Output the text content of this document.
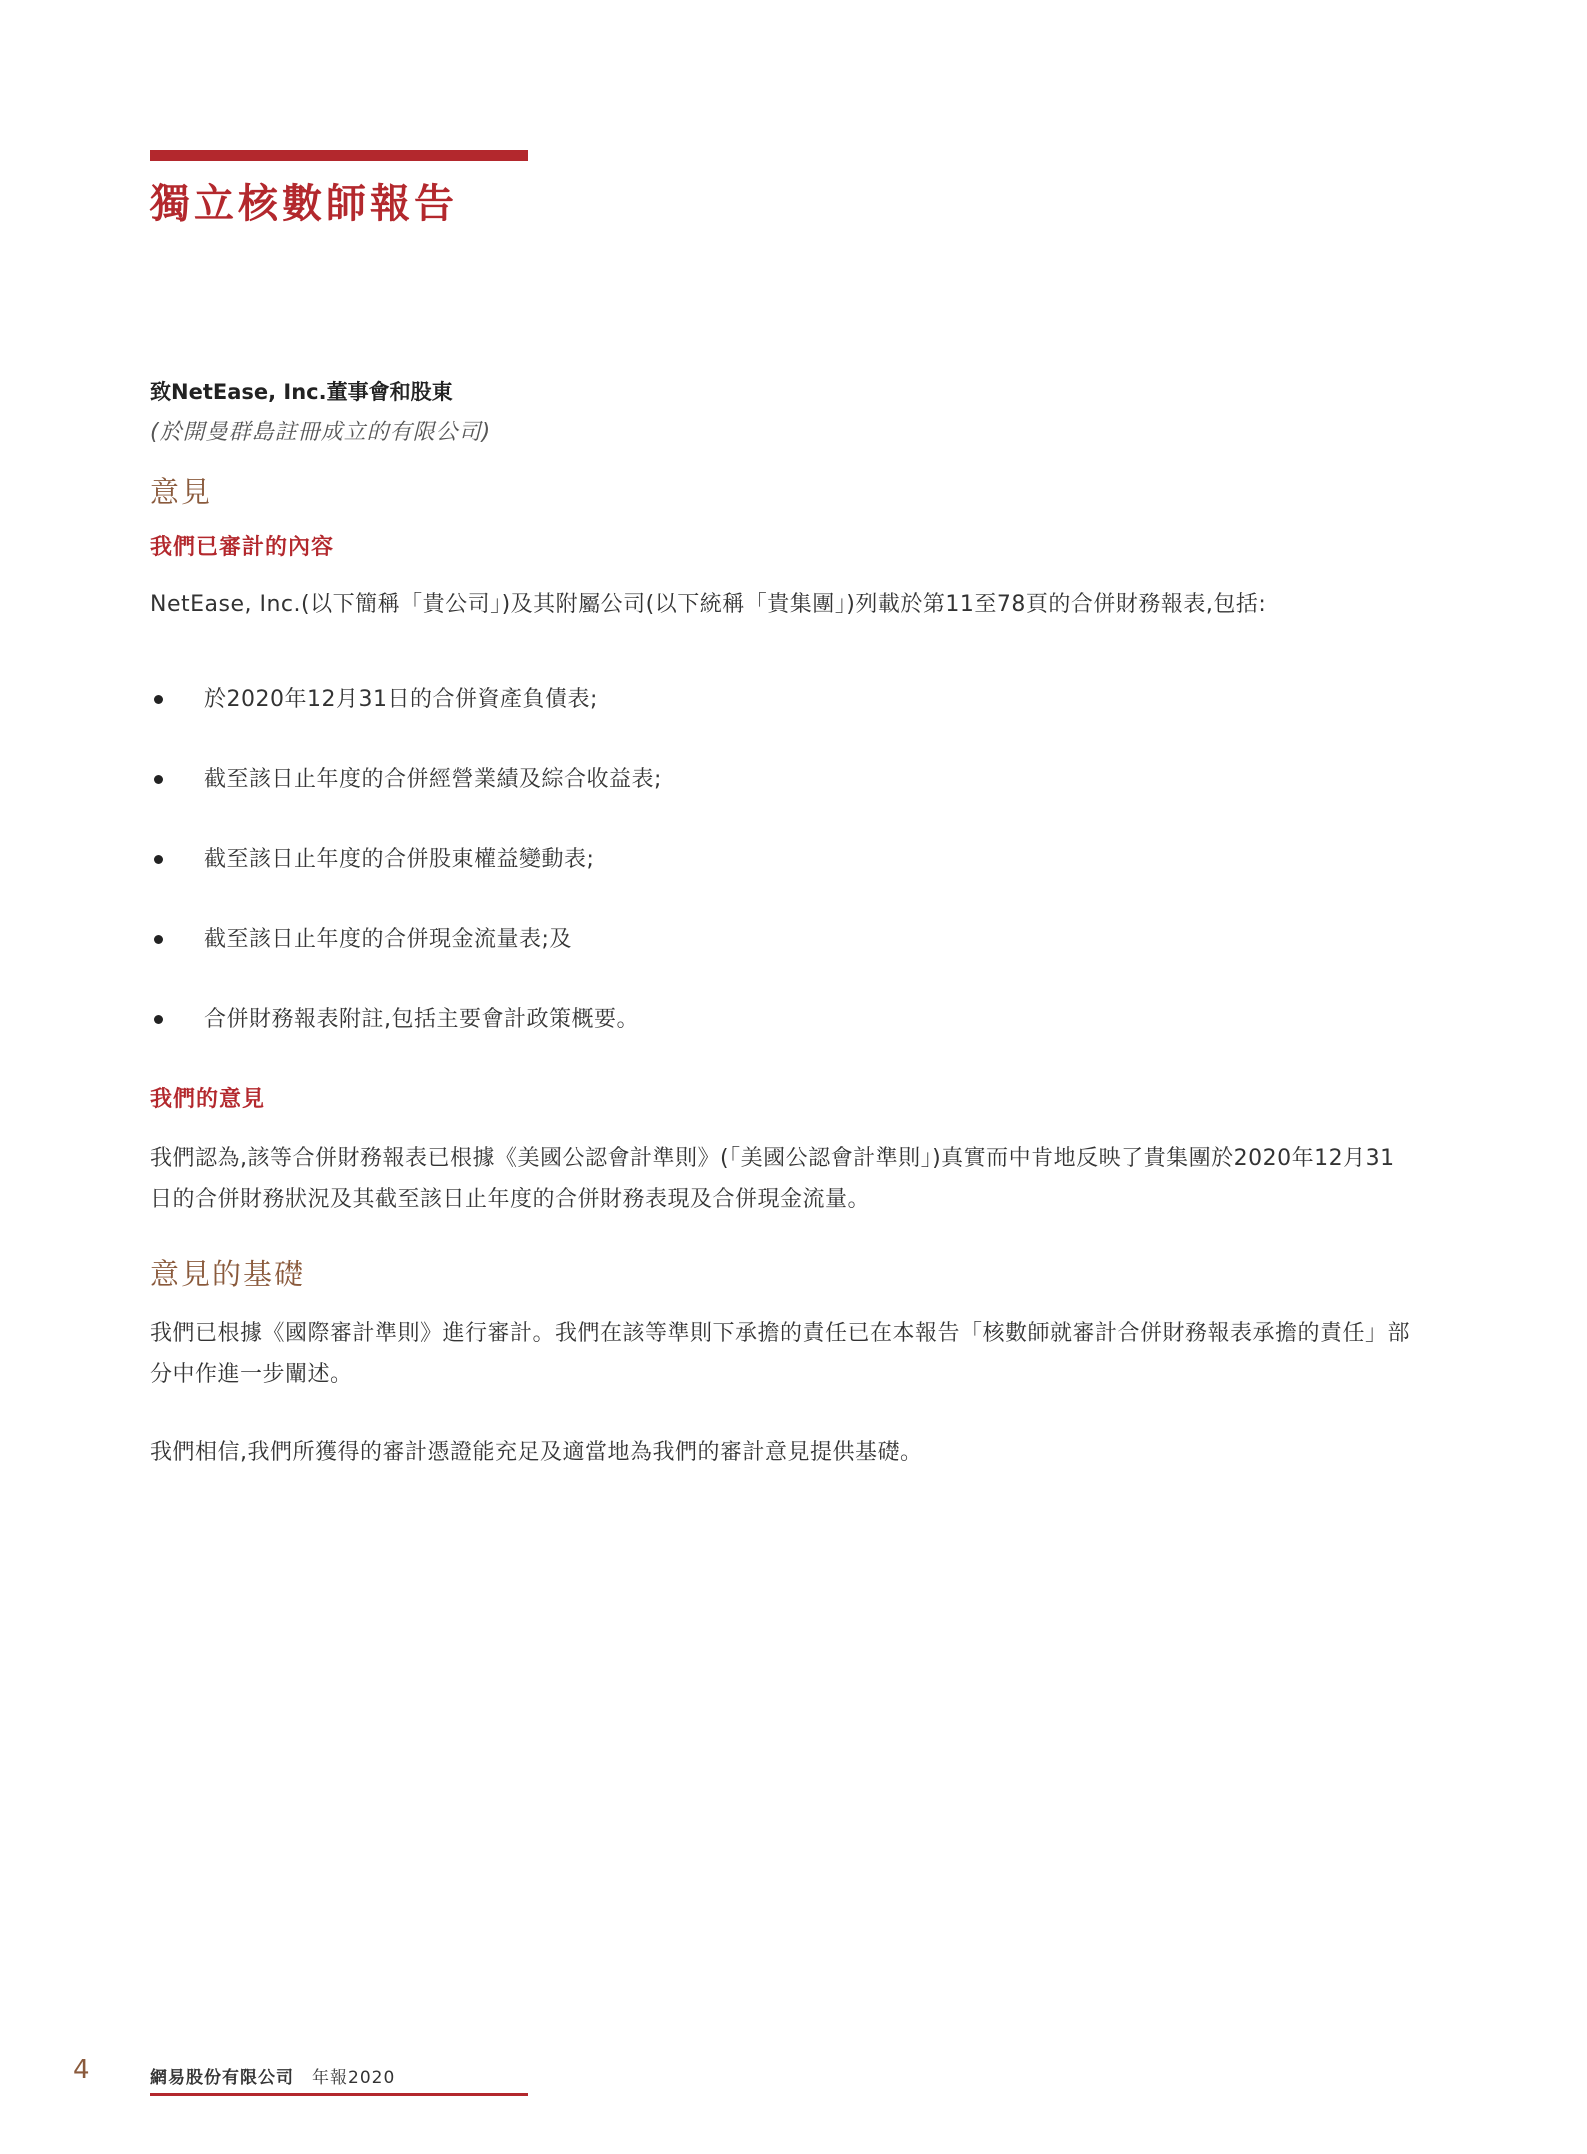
獨立核數師報告
致NetEase, Inc.董事會和股東
(於開曼群島註冊成立的有限公司)
意見
我們已審計的內容
NetEase, Inc.(以下簡稱「貴公司」)及其附屬公司(以下統稱「貴集團」)列載於第11至78頁的合併財務報表,包括:
於2020年12月31日的合併資產負債表;
截至該日止年度的合併經營業績及綜合收益表;
截至該日止年度的合併股東權益變動表;
截至該日止年度的合併現金流量表;及
合併財務報表附註,包括主要會計政策概要。
我們的意見
我們認為,該等合併財務報表已根據《美國公認會計準則》(「美國公認會計準則」)真實而中肯地反映了貴集團於2020年12月31日的合併財務狀況及其截至該日止年度的合併財務表現及合併現金流量。
意見的基礎
我們已根據《國際審計準則》進行審計。我們在該等準則下承擔的責任已在本報告「核數師就審計合併財務報表承擔的責任」部分中作進一步闡述。
我們相信,我們所獲得的審計憑證能充足及適當地為我們的審計意見提供基礎。
4	網易股份有限公司 年報2020
